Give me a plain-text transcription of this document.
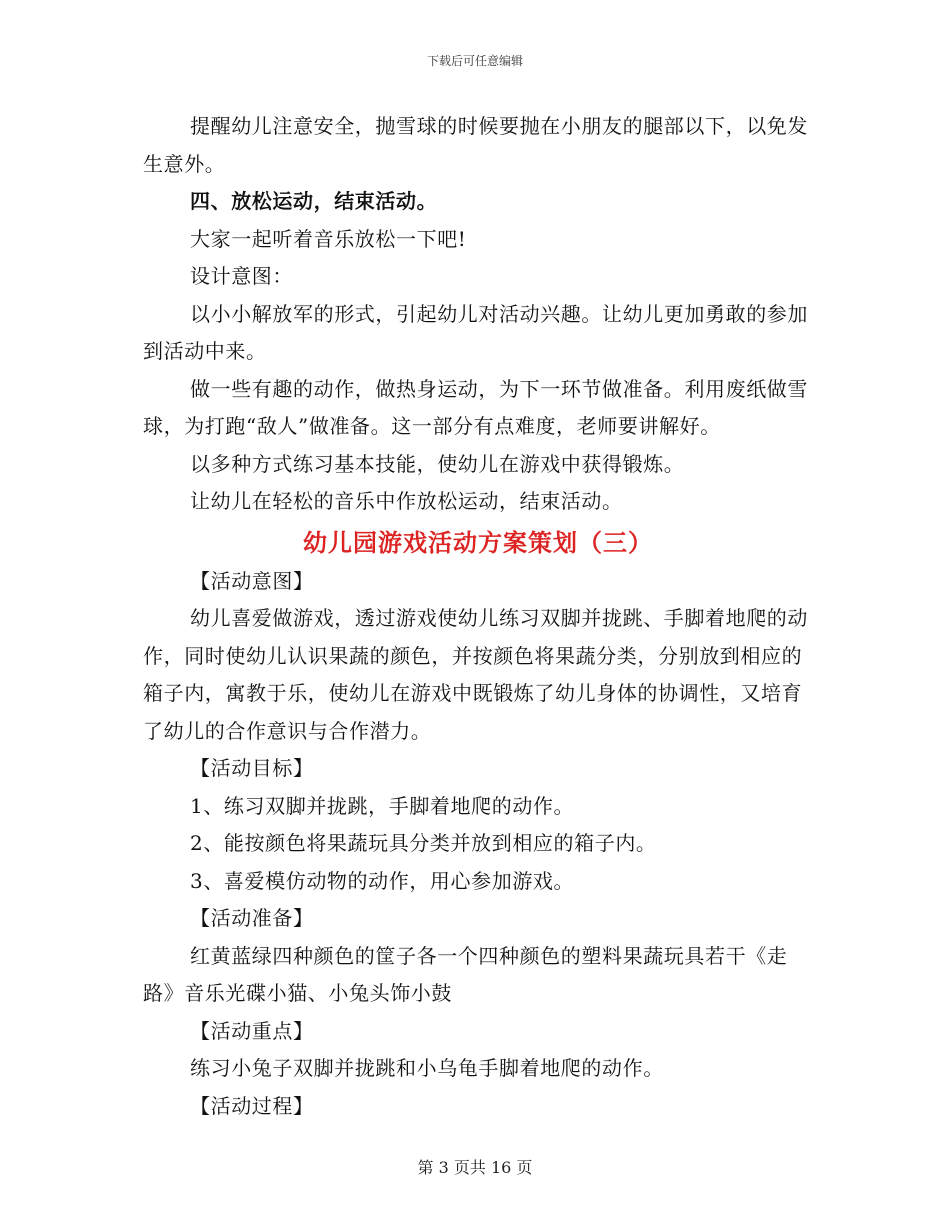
下载后可任意编辑

提醒幼儿注意安全，抛雪球的时候要抛在小朋友的腿部以下，以免发生意外。

四、放松运动，结束活动。

大家一起听着音乐放松一下吧!

设计意图：

以小小解放军的形式，引起幼儿对活动兴趣。让幼儿更加勇敢的参加到活动中来。

做一些有趣的动作，做热身运动，为下一环节做准备。利用废纸做雪球，为打跑“敌人”做准备。这一部分有点难度，老师要讲解好。

以多种方式练习基本技能，使幼儿在游戏中获得锻炼。

让幼儿在轻松的音乐中作放松运动，结束活动。

幼儿园游戏活动方案策划（三）

【活动意图】

幼儿喜爱做游戏，透过游戏使幼儿练习双脚并拢跳、手脚着地爬的动作，同时使幼儿认识果蔬的颜色，并按颜色将果蔬分类，分别放到相应的箱子内，寓教于乐，使幼儿在游戏中既锻炼了幼儿身体的协调性，又培育了幼儿的合作意识与合作潜力。

【活动目标】

1、练习双脚并拢跳，手脚着地爬的动作。

2、能按颜色将果蔬玩具分类并放到相应的箱子内。

3、喜爱模仿动物的动作，用心参加游戏。

【活动准备】

红黄蓝绿四种颜色的筐子各一个四种颜色的塑料果蔬玩具若干《走路》音乐光碟小猫、小兔头饰小鼓

【活动重点】

练习小兔子双脚并拢跳和小乌龟手脚着地爬的动作。

【活动过程】

第 3 页共 16 页
